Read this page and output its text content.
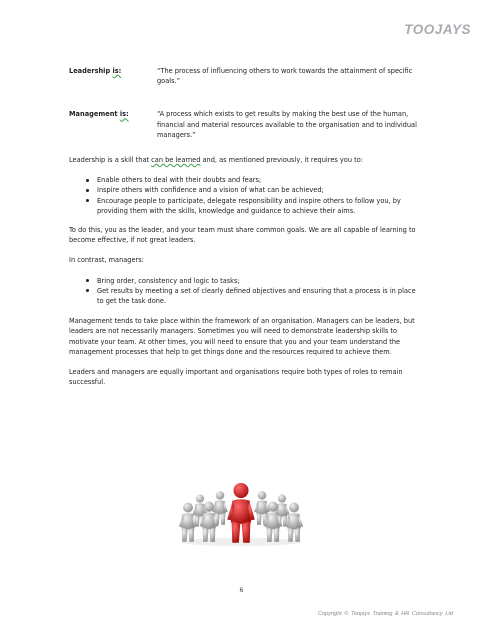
TOOJAYS
Leadership is:	“The process of influencing others to work towards the attainment of specific goals.”
Management is:	“A process which exists to get results by making the best use of the human, financial and material resources available to the organisation and to individual managers.”

Leadership is a skill that can be learned and, as mentioned previously, it requires you to:

Enable others to deal with their doubts and fears;
Inspire others with confidence and a vision of what can be achieved;
Encourage people to participate, delegate responsibility and inspire others to follow you, by providing them with the skills, knowledge and guidance to achieve their aims.

To do this, you as the leader, and your team must share common goals. We are all capable of learning to become effective, if not great leaders.

In contrast, managers:

Bring order, consistency and logic to tasks;
Get results by meeting a set of clearly defined objectives and ensuring that a process is in place to get the task done.

Management tends to take place within the framework of an organisation. Managers can be leaders, but leaders are not necessarily managers. Sometimes you will need to demonstrate leadership skills to motivate your team. At other times, you will need to ensure that you and your team understand the management processes that help to get things done and the resources required to achieve them.

Leaders and managers are equally important and organisations require both types of roles to remain successful.

6
Copyright © Toojays Training & HR Consultancy Ltd
